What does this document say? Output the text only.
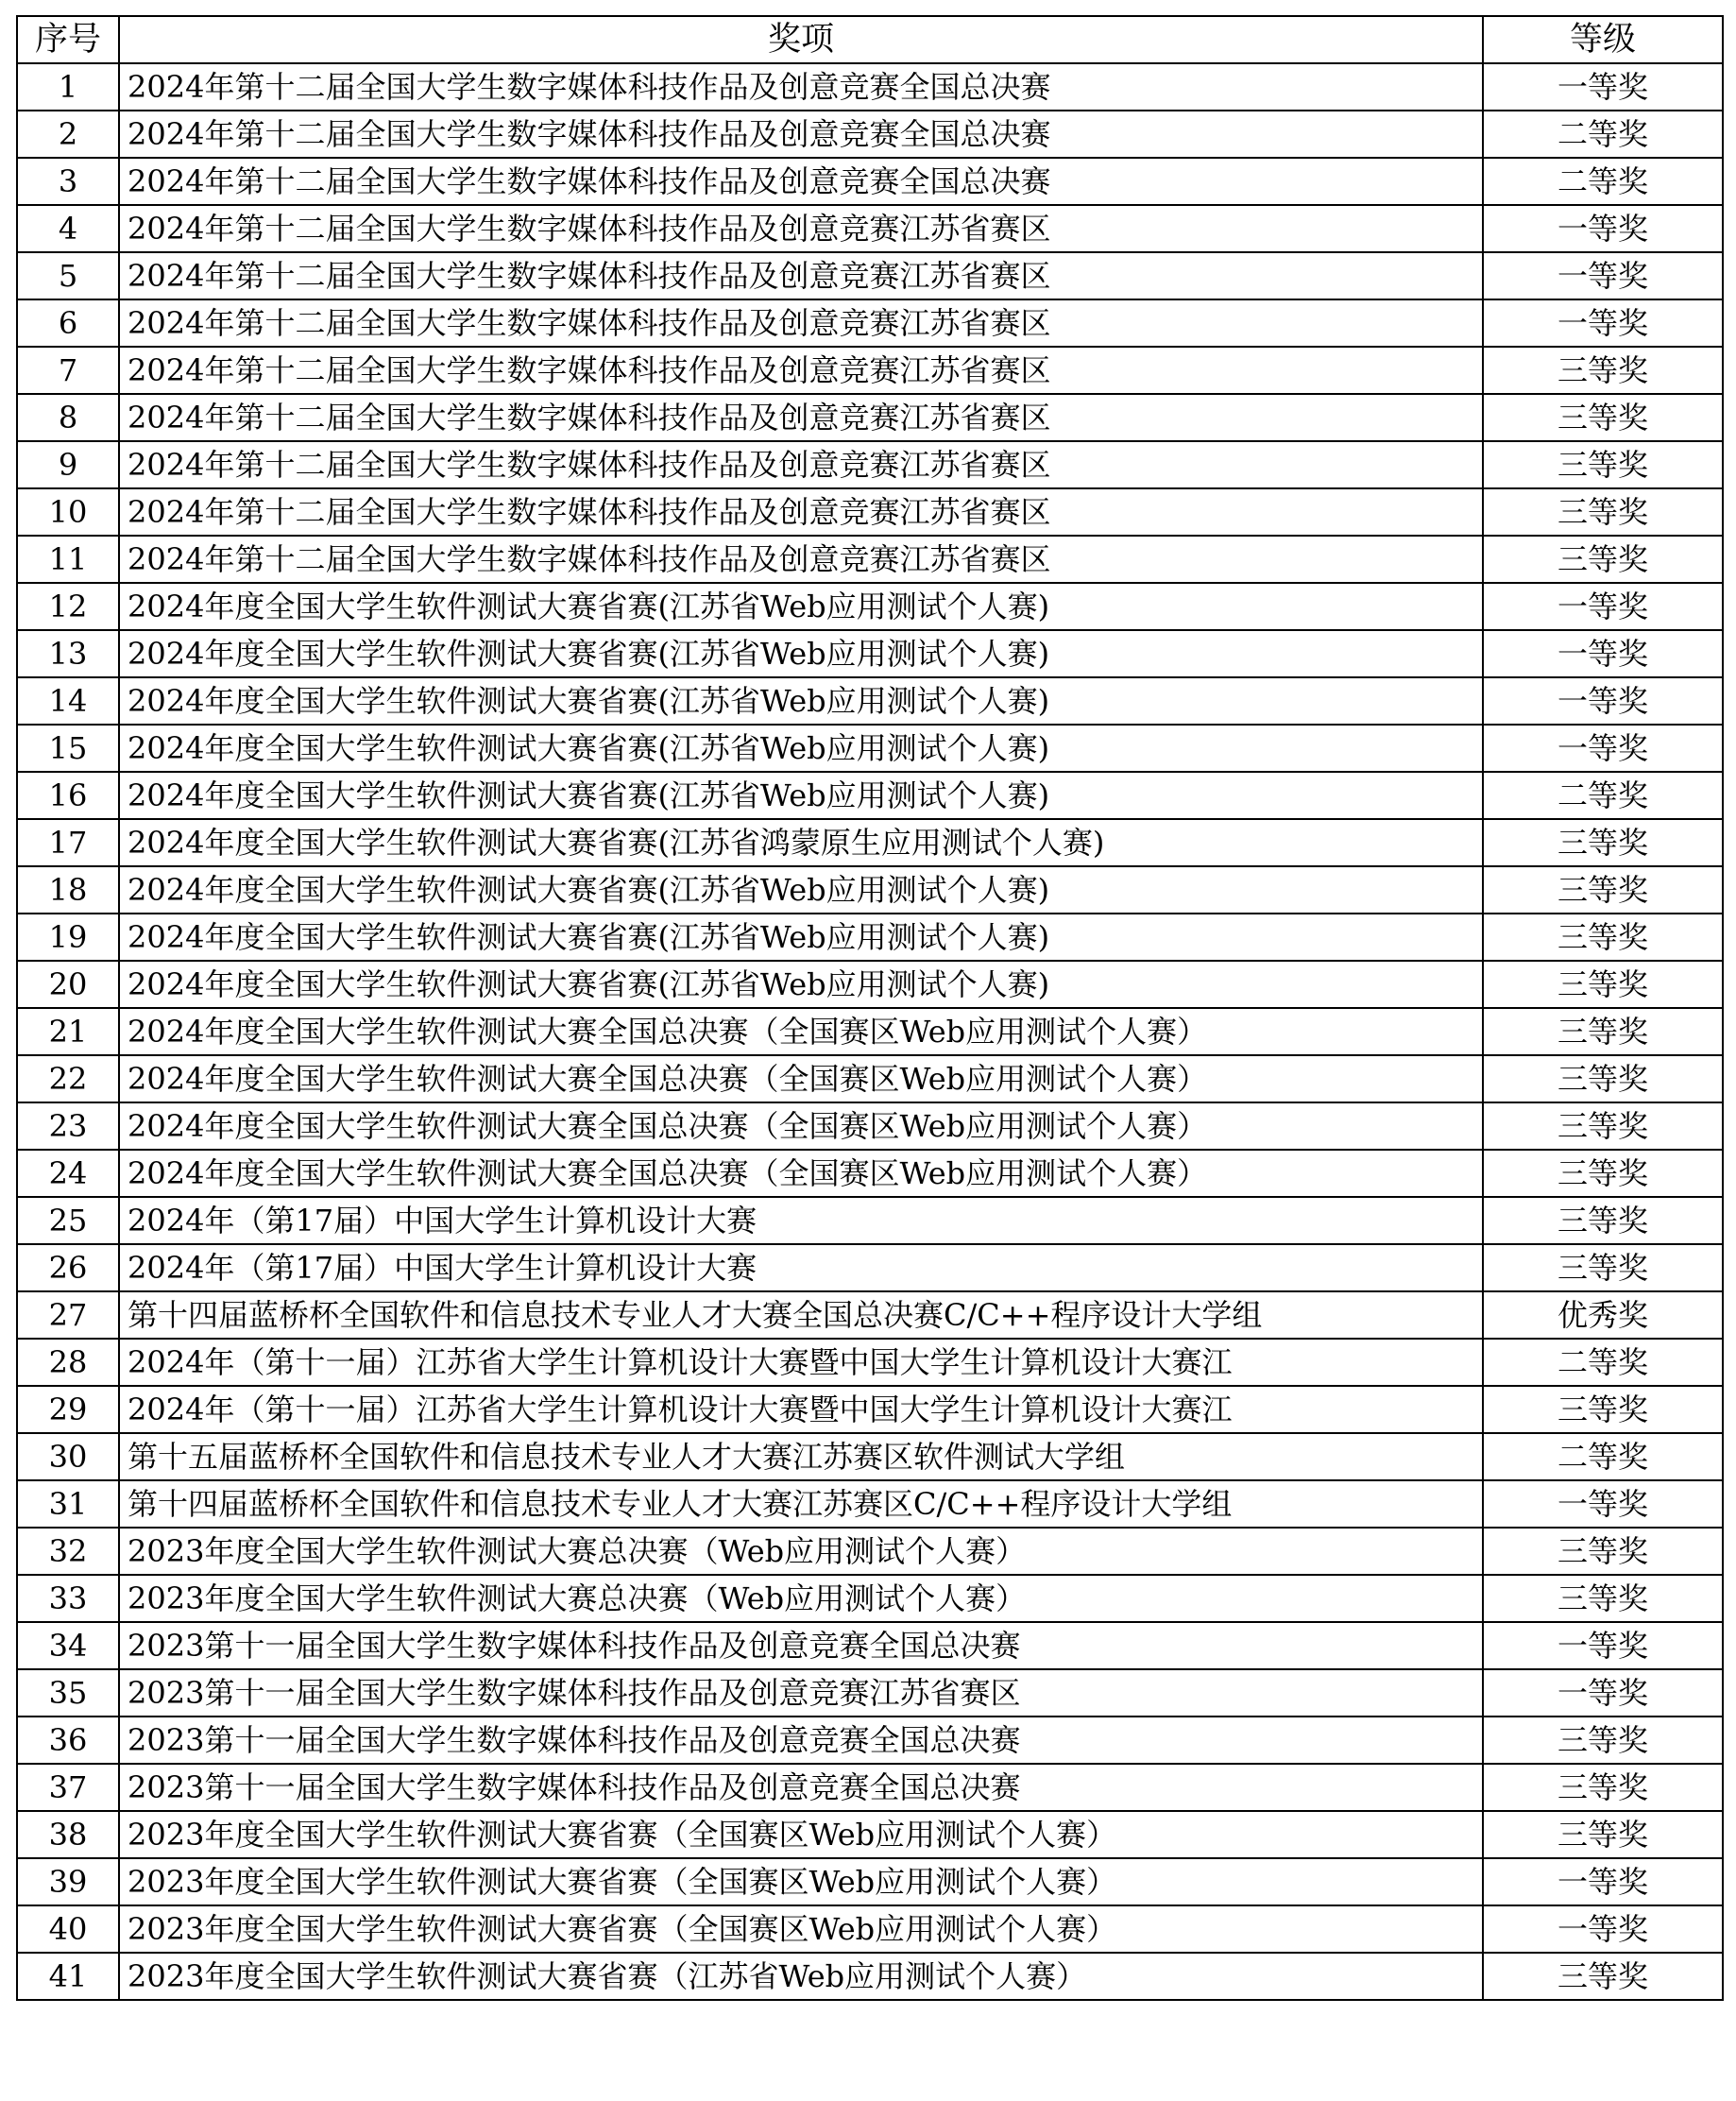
序号	奖项	等级
1	2024年第十二届全国大学生数字媒体科技作品及创意竞赛全国总决赛	一等奖
2	2024年第十二届全国大学生数字媒体科技作品及创意竞赛全国总决赛	二等奖
3	2024年第十二届全国大学生数字媒体科技作品及创意竞赛全国总决赛	二等奖
4	2024年第十二届全国大学生数字媒体科技作品及创意竞赛江苏省赛区	一等奖
5	2024年第十二届全国大学生数字媒体科技作品及创意竞赛江苏省赛区	一等奖
6	2024年第十二届全国大学生数字媒体科技作品及创意竞赛江苏省赛区	一等奖
7	2024年第十二届全国大学生数字媒体科技作品及创意竞赛江苏省赛区	三等奖
8	2024年第十二届全国大学生数字媒体科技作品及创意竞赛江苏省赛区	三等奖
9	2024年第十二届全国大学生数字媒体科技作品及创意竞赛江苏省赛区	三等奖
10	2024年第十二届全国大学生数字媒体科技作品及创意竞赛江苏省赛区	三等奖
11	2024年第十二届全国大学生数字媒体科技作品及创意竞赛江苏省赛区	三等奖
12	2024年度全国大学生软件测试大赛省赛(江苏省Web应用测试个人赛)	一等奖
13	2024年度全国大学生软件测试大赛省赛(江苏省Web应用测试个人赛)	一等奖
14	2024年度全国大学生软件测试大赛省赛(江苏省Web应用测试个人赛)	一等奖
15	2024年度全国大学生软件测试大赛省赛(江苏省Web应用测试个人赛)	一等奖
16	2024年度全国大学生软件测试大赛省赛(江苏省Web应用测试个人赛)	二等奖
17	2024年度全国大学生软件测试大赛省赛(江苏省鸿蒙原生应用测试个人赛)	三等奖
18	2024年度全国大学生软件测试大赛省赛(江苏省Web应用测试个人赛)	三等奖
19	2024年度全国大学生软件测试大赛省赛(江苏省Web应用测试个人赛)	三等奖
20	2024年度全国大学生软件测试大赛省赛(江苏省Web应用测试个人赛)	三等奖
21	2024年度全国大学生软件测试大赛全国总决赛（全国赛区Web应用测试个人赛）	三等奖
22	2024年度全国大学生软件测试大赛全国总决赛（全国赛区Web应用测试个人赛）	三等奖
23	2024年度全国大学生软件测试大赛全国总决赛（全国赛区Web应用测试个人赛）	三等奖
24	2024年度全国大学生软件测试大赛全国总决赛（全国赛区Web应用测试个人赛）	三等奖
25	2024年（第17届）中国大学生计算机设计大赛	三等奖
26	2024年（第17届）中国大学生计算机设计大赛	三等奖
27	第十四届蓝桥杯全国软件和信息技术专业人才大赛全国总决赛C/C++程序设计大学组	优秀奖
28	2024年（第十一届）江苏省大学生计算机设计大赛暨中国大学生计算机设计大赛江	二等奖
29	2024年（第十一届）江苏省大学生计算机设计大赛暨中国大学生计算机设计大赛江	三等奖
30	第十五届蓝桥杯全国软件和信息技术专业人才大赛江苏赛区软件测试大学组	二等奖
31	第十四届蓝桥杯全国软件和信息技术专业人才大赛江苏赛区C/C++程序设计大学组	一等奖
32	2023年度全国大学生软件测试大赛总决赛（Web应用测试个人赛）	三等奖
33	2023年度全国大学生软件测试大赛总决赛（Web应用测试个人赛）	三等奖
34	2023第十一届全国大学生数字媒体科技作品及创意竞赛全国总决赛	一等奖
35	2023第十一届全国大学生数字媒体科技作品及创意竞赛江苏省赛区	一等奖
36	2023第十一届全国大学生数字媒体科技作品及创意竞赛全国总决赛	三等奖
37	2023第十一届全国大学生数字媒体科技作品及创意竞赛全国总决赛	三等奖
38	2023年度全国大学生软件测试大赛省赛（全国赛区Web应用测试个人赛）	三等奖
39	2023年度全国大学生软件测试大赛省赛（全国赛区Web应用测试个人赛）	一等奖
40	2023年度全国大学生软件测试大赛省赛（全国赛区Web应用测试个人赛）	一等奖
41	2023年度全国大学生软件测试大赛省赛（江苏省Web应用测试个人赛）	三等奖
